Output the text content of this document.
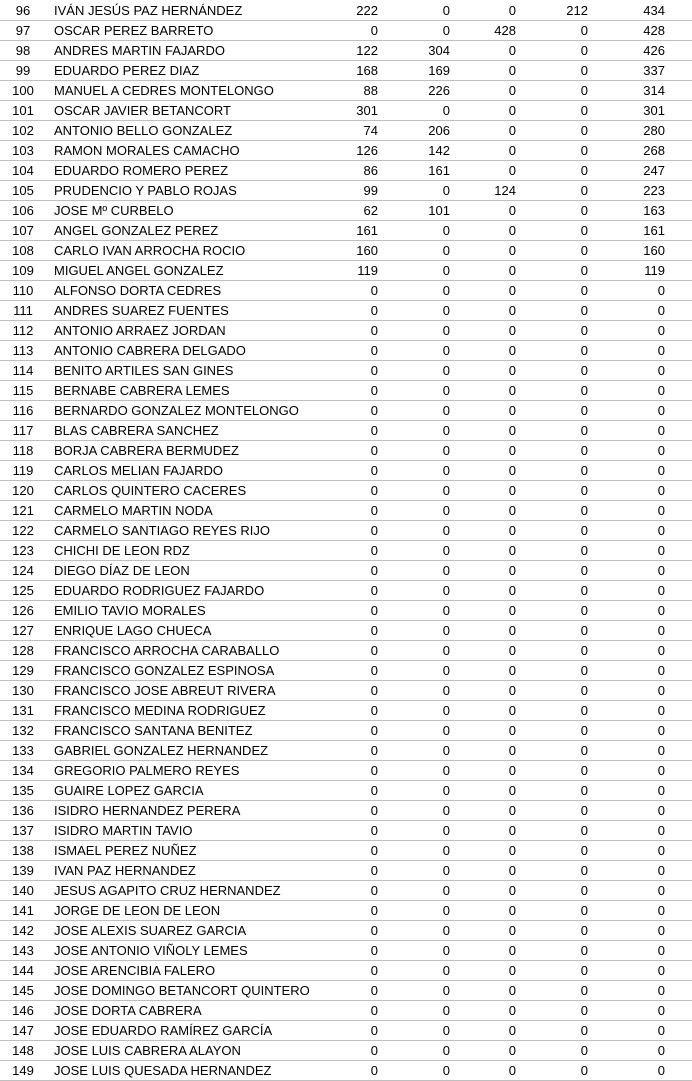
96	IVÁN JESÚS PAZ HERNÁNDEZ	222	0	0	212	434
97	OSCAR PEREZ BARRETO	0	0	428	0	428
98	ANDRES MARTIN FAJARDO	122	304	0	0	426
99	EDUARDO PEREZ DIAZ	168	169	0	0	337
100	MANUEL A CEDRES MONTELONGO	88	226	0	0	314
101	OSCAR JAVIER BETANCORT	301	0	0	0	301
102	ANTONIO BELLO GONZALEZ	74	206	0	0	280
103	RAMON MORALES CAMACHO	126	142	0	0	268
104	EDUARDO ROMERO PEREZ	86	161	0	0	247
105	PRUDENCIO Y PABLO ROJAS	99	0	124	0	223
106	JOSE Mº CURBELO	62	101	0	0	163
107	ANGEL GONZALEZ PEREZ	161	0	0	0	161
108	CARLO IVAN ARROCHA ROCIO	160	0	0	0	160
109	MIGUEL ANGEL GONZALEZ	119	0	0	0	119
110	ALFONSO DORTA CEDRES	0	0	0	0	0
111	ANDRES SUAREZ FUENTES	0	0	0	0	0
112	ANTONIO ARRAEZ JORDAN	0	0	0	0	0
113	ANTONIO CABRERA DELGADO	0	0	0	0	0
114	BENITO ARTILES SAN GINES	0	0	0	0	0
115	BERNABE CABRERA LEMES	0	0	0	0	0
116	BERNARDO GONZALEZ MONTELONGO	0	0	0	0	0
117	BLAS CABRERA SANCHEZ	0	0	0	0	0
118	BORJA CABRERA BERMUDEZ	0	0	0	0	0
119	CARLOS MELIAN FAJARDO	0	0	0	0	0
120	CARLOS QUINTERO CACERES	0	0	0	0	0
121	CARMELO MARTIN NODA	0	0	0	0	0
122	CARMELO SANTIAGO REYES RIJO	0	0	0	0	0
123	CHICHI DE LEON RDZ	0	0	0	0	0
124	DIEGO DÍAZ DE LEON	0	0	0	0	0
125	EDUARDO RODRIGUEZ FAJARDO	0	0	0	0	0
126	EMILIO TAVIO MORALES	0	0	0	0	0
127	ENRIQUE LAGO CHUECA	0	0	0	0	0
128	FRANCISCO ARROCHA CARABALLO	0	0	0	0	0
129	FRANCISCO GONZALEZ ESPINOSA	0	0	0	0	0
130	FRANCISCO JOSE ABREUT RIVERA	0	0	0	0	0
131	FRANCISCO MEDINA RODRIGUEZ	0	0	0	0	0
132	FRANCISCO SANTANA BENITEZ	0	0	0	0	0
133	GABRIEL GONZALEZ HERNANDEZ	0	0	0	0	0
134	GREGORIO PALMERO REYES	0	0	0	0	0
135	GUAIRE LOPEZ GARCIA	0	0	0	0	0
136	ISIDRO HERNANDEZ PERERA	0	0	0	0	0
137	ISIDRO MARTIN TAVIO	0	0	0	0	0
138	ISMAEL PEREZ NUÑEZ	0	0	0	0	0
139	IVAN PAZ HERNANDEZ	0	0	0	0	0
140	JESUS AGAPITO CRUZ HERNANDEZ	0	0	0	0	0
141	JORGE DE LEON DE LEON	0	0	0	0	0
142	JOSE ALEXIS SUAREZ GARCIA	0	0	0	0	0
143	JOSE ANTONIO VIÑOLY LEMES	0	0	0	0	0
144	JOSE ARENCIBIA FALERO	0	0	0	0	0
145	JOSE DOMINGO BETANCORT QUINTERO	0	0	0	0	0
146	JOSE DORTA CABRERA	0	0	0	0	0
147	JOSE EDUARDO RAMÍREZ GARCÍA	0	0	0	0	0
148	JOSE LUIS CABRERA ALAYON	0	0	0	0	0
149	JOSE LUIS QUESADA HERNANDEZ	0	0	0	0	0
